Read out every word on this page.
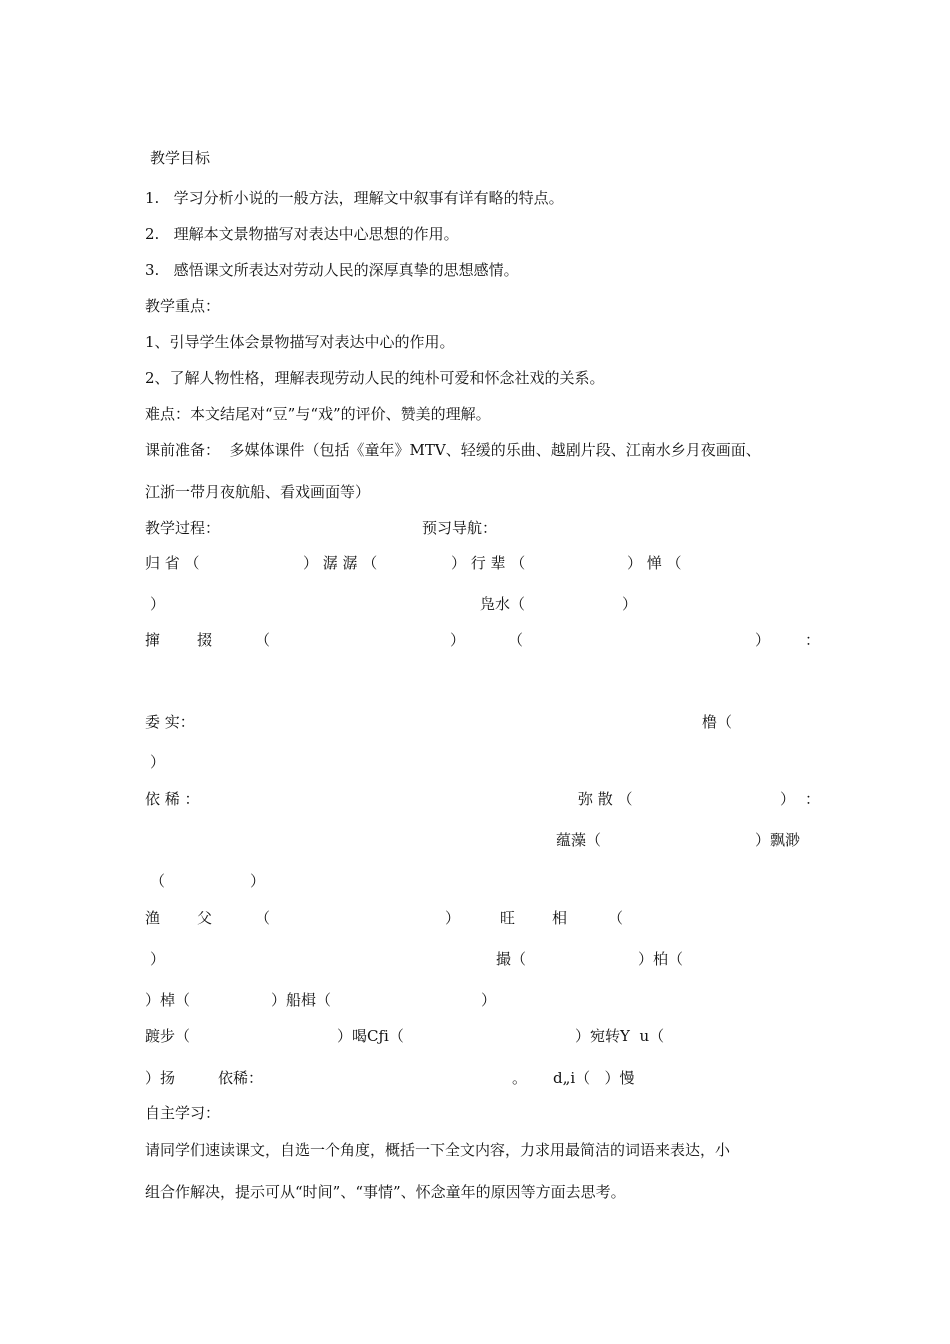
教学目标
1.   学习分析小说的一般方法，理解文中叙事有详有略的特点。
2.   理解本文景物描写对表达中心思想的作用。
3.   感悟课文所表达对劳动人民的深厚真挚的思想感情。
教学重点：
1、引导学生体会景物描写对表达中心的作用。
2、了解人物性格，理解表现劳动人民的纯朴可爱和怀念社戏的关系。
难点：本文结尾对“豆”与“戏”的评价、赞美的理解。
课前准备：  多媒体课件（包括《童年》MTV、轻缓的乐曲、越剧片段、江南水乡月夜画面、
江浙一带月夜航船、看戏画面等）
教学过程：	预习导航：
归 省 （	） 潺 潺 （	） 行 辈 （	） 惮 （
）	凫水（	）
撺 掇	（	）	（	） ：
委 实：	橹（
）
依 稀 ：	弥 散 （	） ：
蕴藻（	）飘渺
（	）
渔 父	（	）	旺 相	（
）	撮（	）柏（
）棹（	）船楫（	）
踱步（	）喝Cƒi（	）宛转Y  u（
）扬	依稀：	。 d„i（   ）慢
自主学习：
请同学们速读课文，自选一个角度，概括一下全文内容，力求用最简洁的词语来表达，小
组合作解决，提示可从“时间”、“事情”、怀念童年的原因等方面去思考。
